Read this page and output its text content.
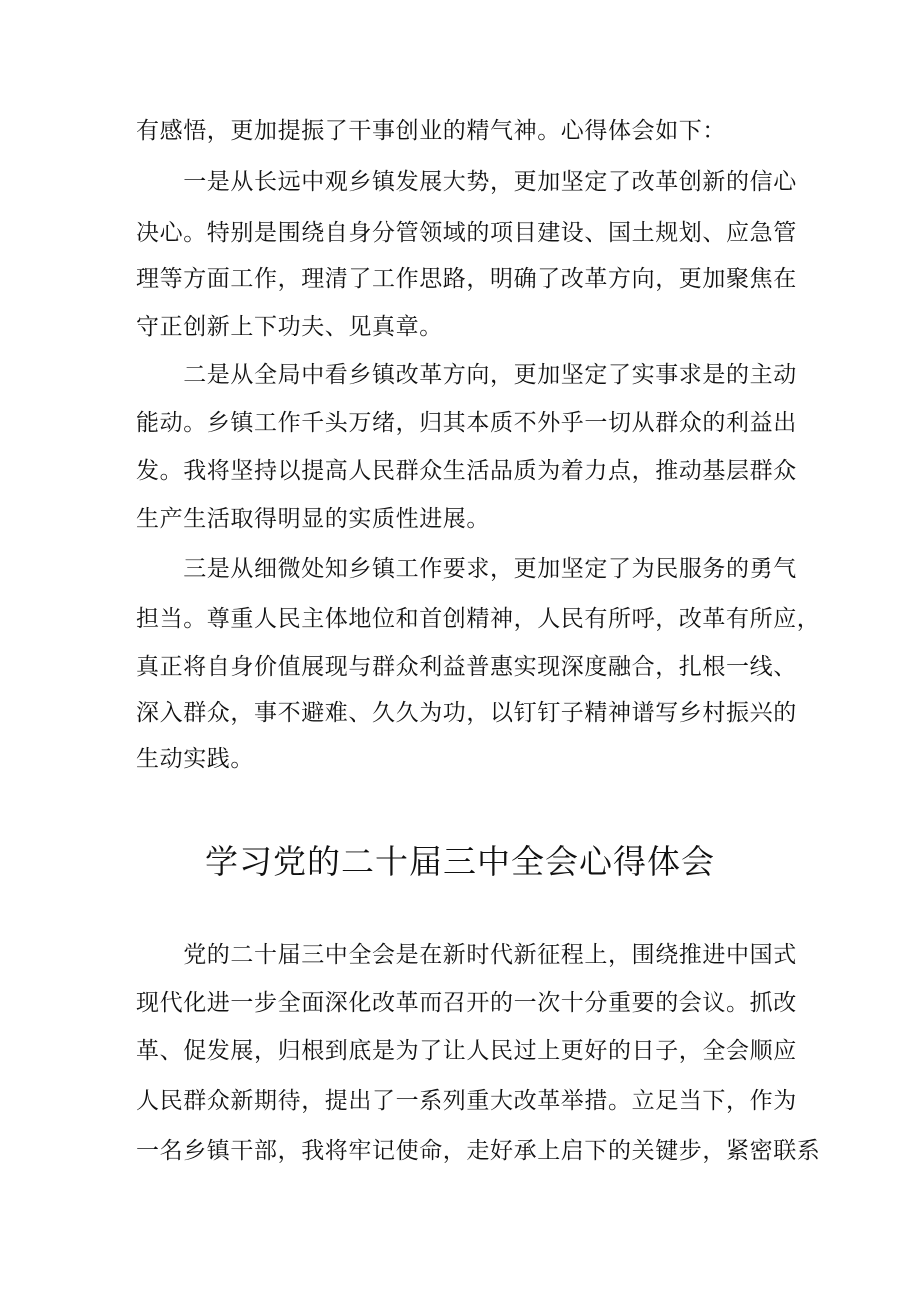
有感悟，更加提振了干事创业的精气神。心得体会如下：
　　一是从长远中观乡镇发展大势，更加坚定了改革创新的信心
决心。特别是围绕自身分管领域的项目建设、国土规划、应急管
理等方面工作，理清了工作思路，明确了改革方向，更加聚焦在
守正创新上下功夫、见真章。
　　二是从全局中看乡镇改革方向，更加坚定了实事求是的主动
能动。乡镇工作千头万绪，归其本质不外乎一切从群众的利益出
发。我将坚持以提高人民群众生活品质为着力点，推动基层群众
生产生活取得明显的实质性进展。
　　三是从细微处知乡镇工作要求，更加坚定了为民服务的勇气
担当。尊重人民主体地位和首创精神，人民有所呼，改革有所应，
真正将自身价值展现与群众利益普惠实现深度融合，扎根一线、
深入群众，事不避难、久久为功，以钉钉子精神谱写乡村振兴的
生动实践。
学习党的二十届三中全会心得体会
　　党的二十届三中全会是在新时代新征程上，围绕推进中国式
现代化进一步全面深化改革而召开的一次十分重要的会议。抓改
革、促发展，归根到底是为了让人民过上更好的日子，全会顺应
人民群众新期待，提出了一系列重大改革举措。立足当下，作为
一名乡镇干部，我将牢记使命，走好承上启下的关键步，紧密联系
